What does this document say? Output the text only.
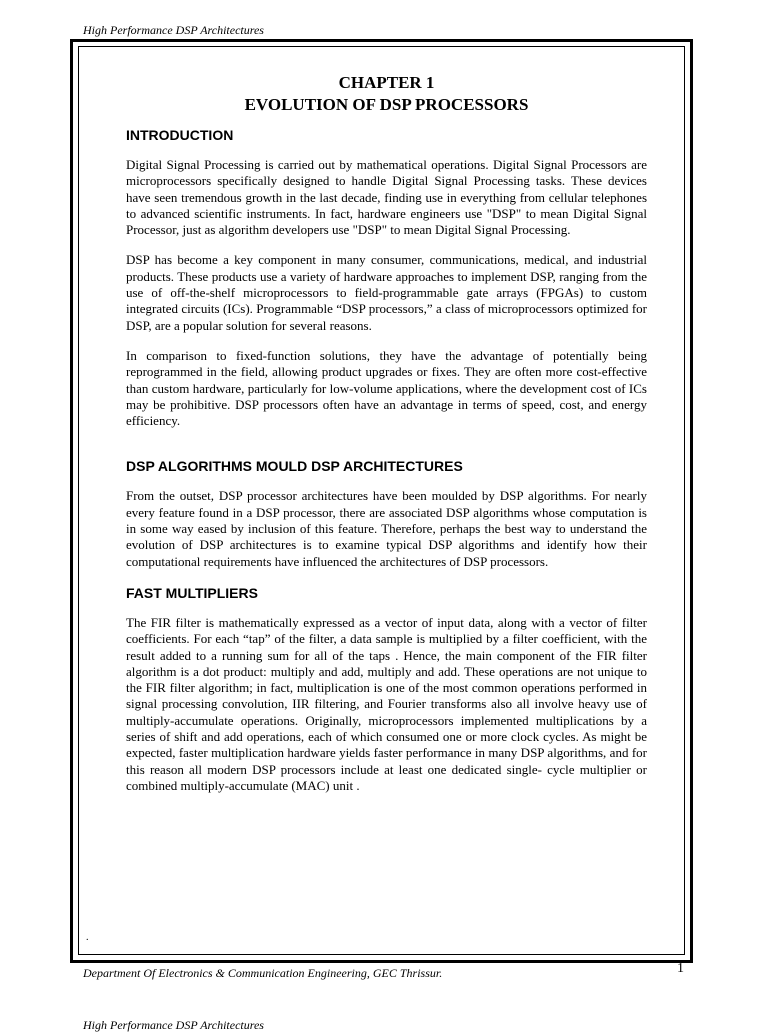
High Performance DSP Architectures
CHAPTER 1
EVOLUTION OF DSP PROCESSORS
INTRODUCTION

Digital Signal Processing is carried out by mathematical operations. Digital Signal Processors are microprocessors specifically designed to handle Digital Signal Processing tasks. These devices have seen tremendous growth in the last decade, finding use in everything from cellular telephones to advanced scientific instruments. In fact, hardware engineers use "DSP" to mean Digital Signal Processor, just as algorithm developers use "DSP" to mean Digital Signal Processing.

DSP has become a key component in many consumer, communications, medical, and industrial products. These products use a variety of hardware approaches to implement DSP, ranging from the use of off-the-shelf microprocessors to field-programmable gate arrays (FPGAs) to custom integrated circuits (ICs). Programmable “DSP processors,” a class of microprocessors optimized for DSP, are a popular solution for several reasons.

In comparison to fixed-function solutions, they have the advantage of potentially being reprogrammed in the field, allowing product upgrades or fixes. They are often more cost-effective than custom hardware, particularly for low-volume applications, where the development cost of ICs may be prohibitive. DSP processors often have an advantage in terms of speed, cost, and energy efficiency.

DSP ALGORITHMS MOULD DSP ARCHITECTURES

From the outset, DSP processor architectures have been moulded by DSP algorithms. For nearly every feature found in a DSP processor, there are associated DSP algorithms whose computation is in some way eased by inclusion of this feature. Therefore, perhaps the best way to understand the evolution of DSP architectures is to examine typical DSP algorithms and identify how their computational requirements have influenced the architectures of DSP processors.

FAST MULTIPLIERS

The FIR filter is mathematically expressed as a vector of input data, along with a vector of filter coefficients. For each “tap” of the filter, a data sample is multiplied by a filter coefficient, with the result added to a running sum for all of the taps . Hence, the main component of the FIR filter algorithm is a dot product: multiply and add, multiply and add. These operations are not unique to the FIR filter algorithm; in fact, multiplication is one of the most common operations performed in signal processing convolution, IIR filtering, and Fourier transforms also all involve heavy use of multiply-accumulate operations. Originally, microprocessors implemented multiplications by a series of shift and add operations, each of which consumed one or more clock cycles. As might be expected, faster multiplication hardware yields faster performance in many DSP algorithms, and for this reason all modern DSP processors include at least one dedicated single- cycle multiplier or combined multiply-accumulate (MAC) unit .

.
Department Of Electronics & Communication Engineering, GEC Thrissur.	1
High Performance DSP Architectures
